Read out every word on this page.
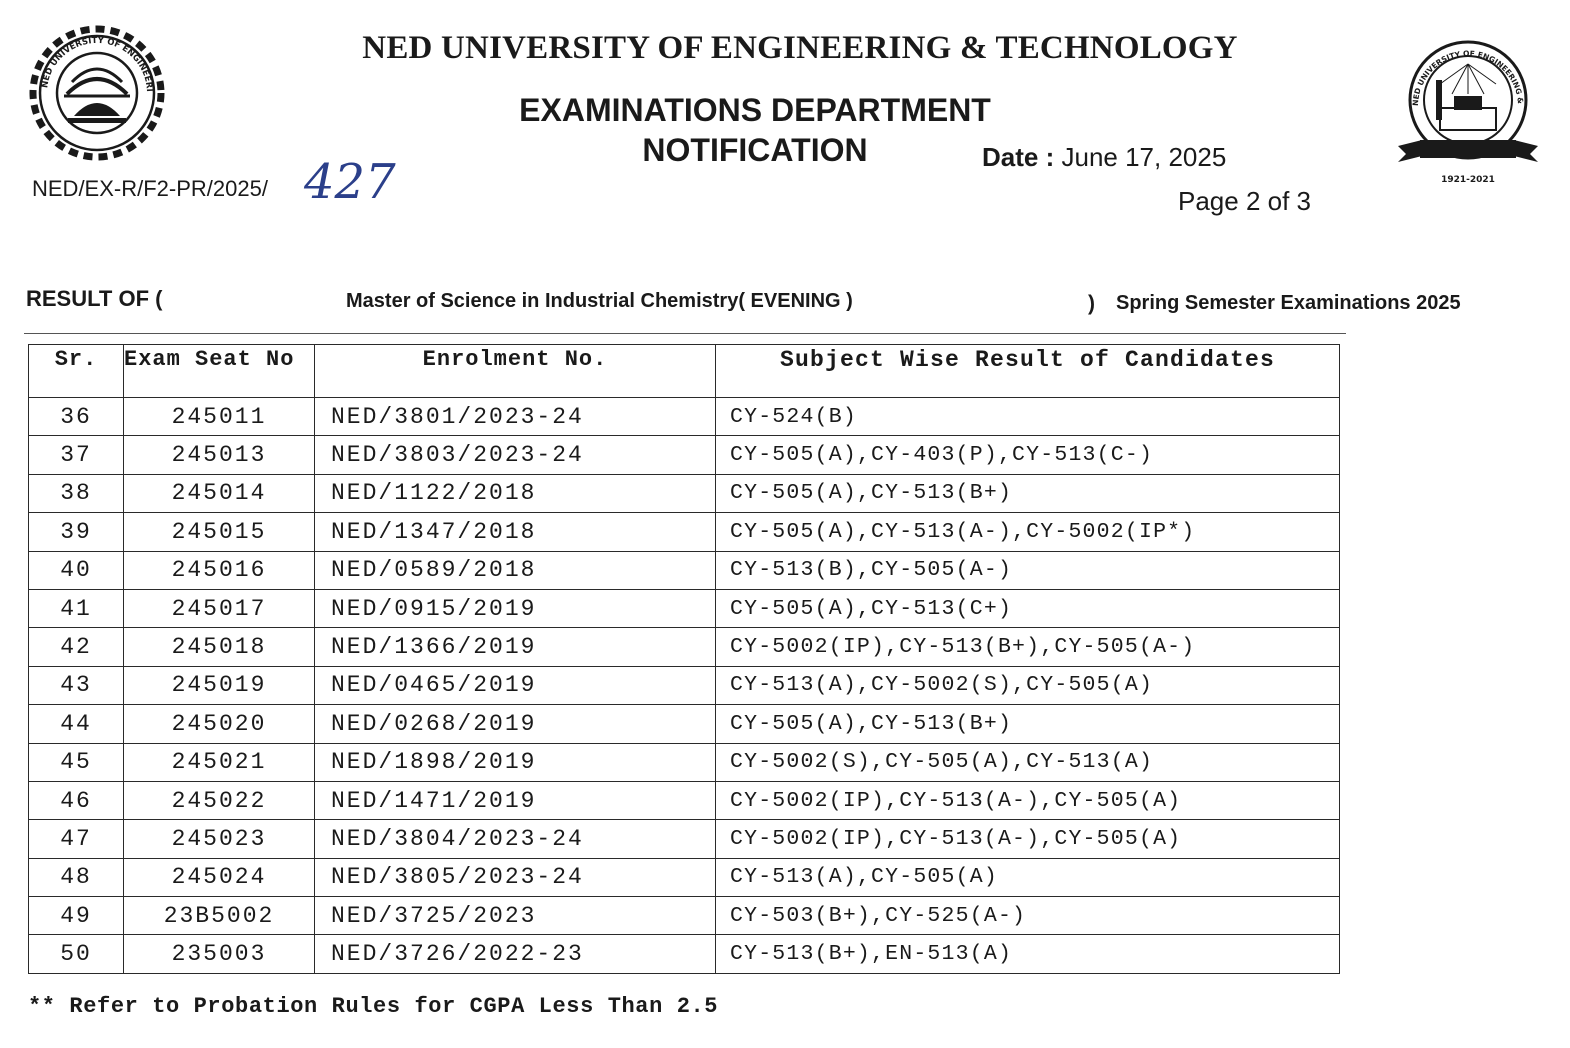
NED UNIVERSITY OF ENGINEERI
NED UNIVERSITY OF ENGINEERING &
1921-2021
NED UNIVERSITY OF ENGINEERING & TECHNOLOGY
EXAMINATIONS DEPARTMENT
NOTIFICATION	Date : June 17, 2025
Page 2 of 3
NED/EX-R/F2-PR/2025/ 427
RESULT OF (	Master of Science in Industrial Chemistry( EVENING )	) Spring Semester Examinations 2025
Sr.	Exam Seat No	Enrolment No.	Subject Wise Result of Candidates
36	245011	NED/3801/2023-24	CY-524(B)
37	245013	NED/3803/2023-24	CY-505(A),CY-403(P),CY-513(C-)
38	245014	NED/1122/2018	CY-505(A),CY-513(B+)
39	245015	NED/1347/2018	CY-505(A),CY-513(A-),CY-5002(IP*)
40	245016	NED/0589/2018	CY-513(B),CY-505(A-)
41	245017	NED/0915/2019	CY-505(A),CY-513(C+)
42	245018	NED/1366/2019	CY-5002(IP),CY-513(B+),CY-505(A-)
43	245019	NED/0465/2019	CY-513(A),CY-5002(S),CY-505(A)
44	245020	NED/0268/2019	CY-505(A),CY-513(B+)
45	245021	NED/1898/2019	CY-5002(S),CY-505(A),CY-513(A)
46	245022	NED/1471/2019	CY-5002(IP),CY-513(A-),CY-505(A)
47	245023	NED/3804/2023-24	CY-5002(IP),CY-513(A-),CY-505(A)
48	245024	NED/3805/2023-24	CY-513(A),CY-505(A)
49	23B5002	NED/3725/2023	CY-503(B+),CY-525(A-)
50	235003	NED/3726/2022-23	CY-513(B+),EN-513(A)
** Refer to Probation Rules for CGPA Less Than 2.5
